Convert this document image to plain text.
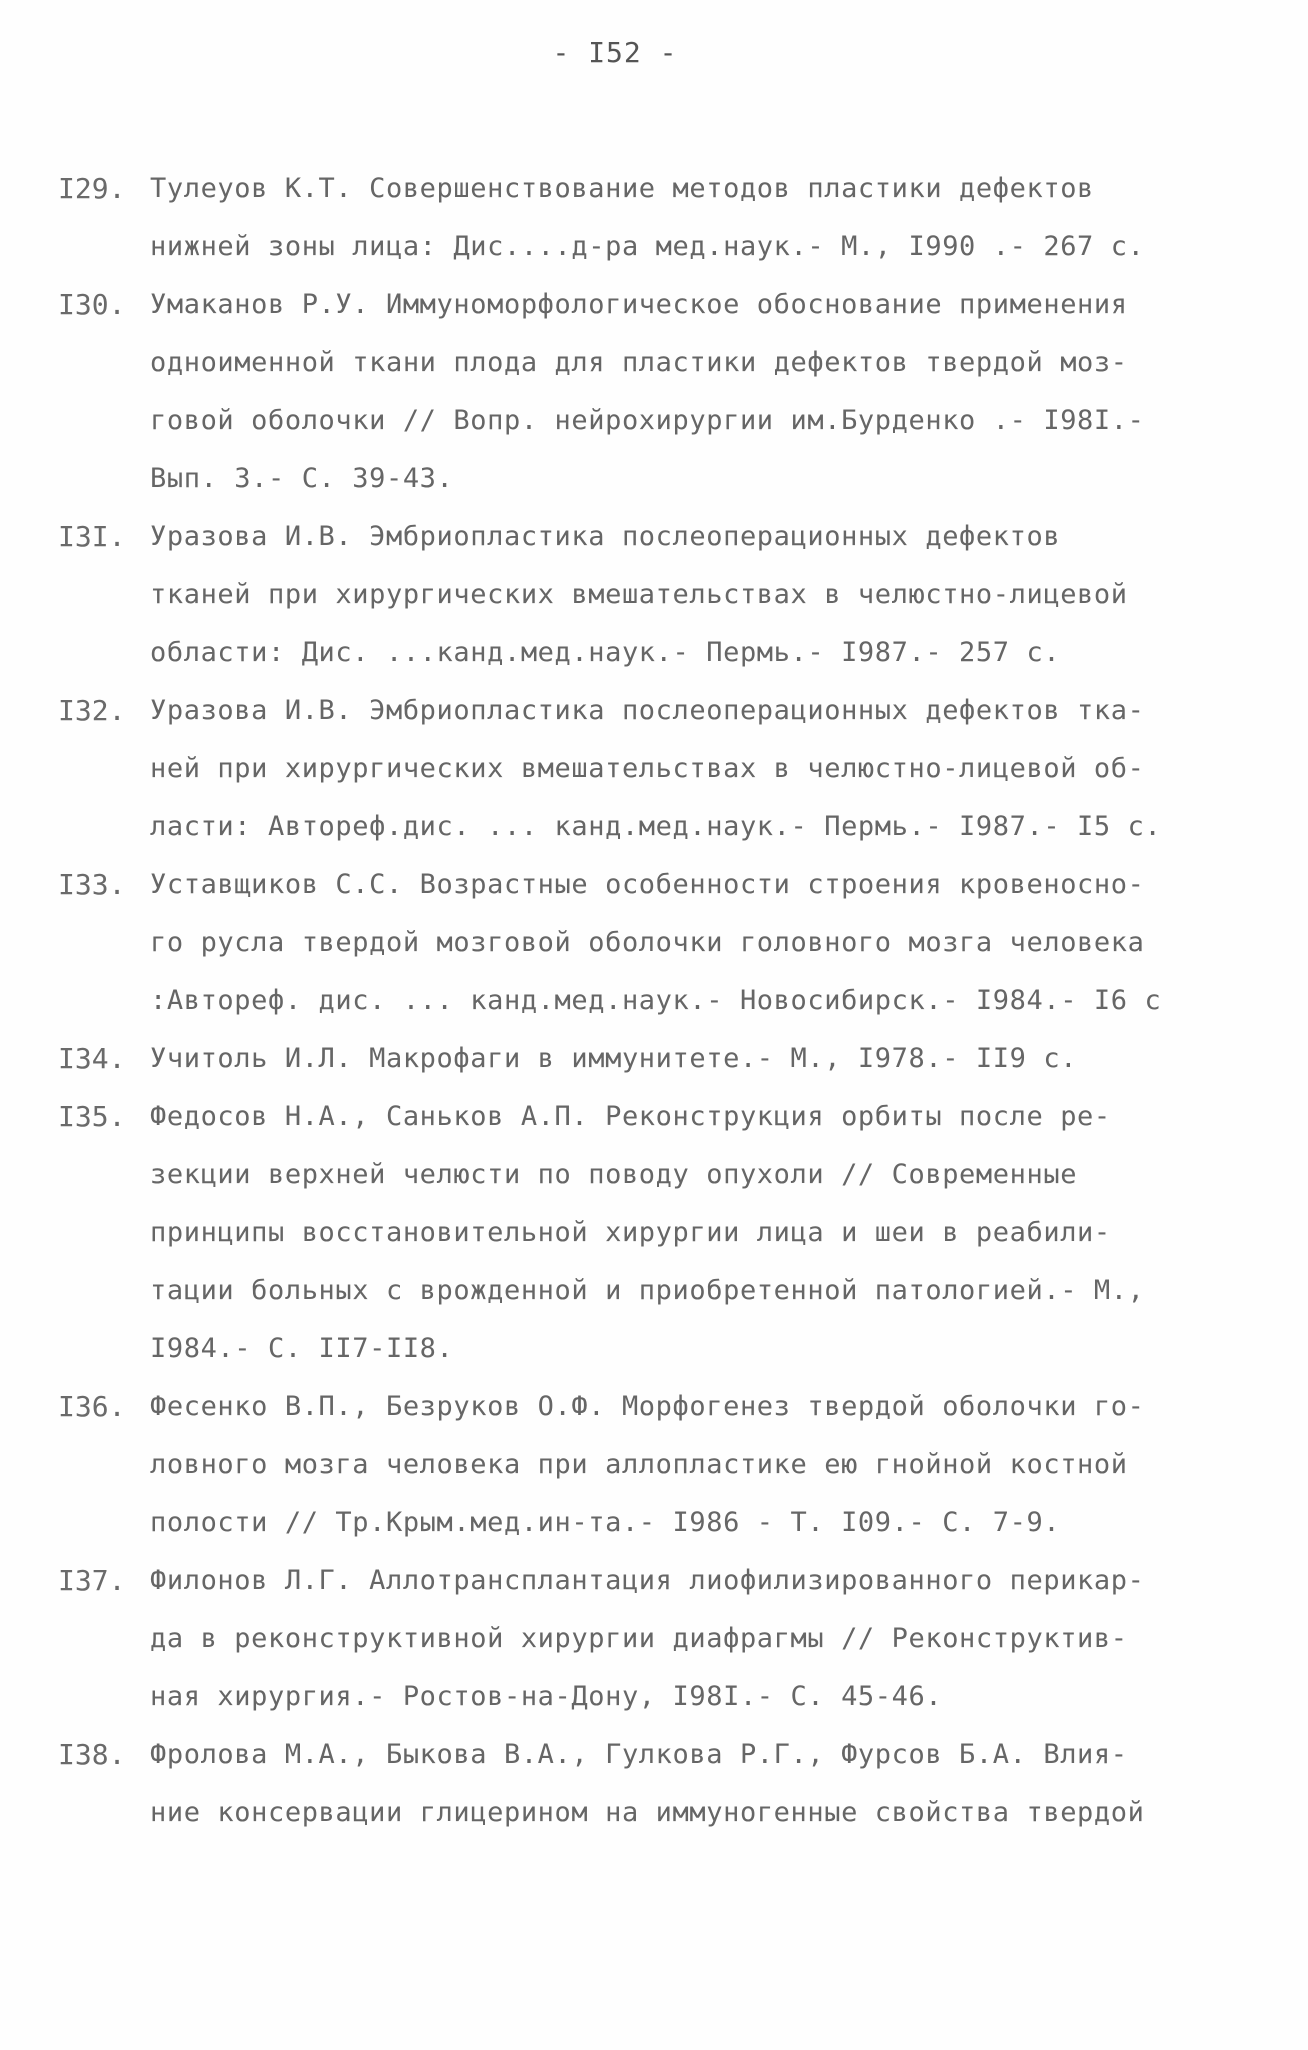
- I52 -
I29. Тулеуов К.Т. Совершенствование методов пластики дефектов
нижней зоны лица: Дис....д-ра мед.наук.- М., I990 .- 267 с.
I30. Умаканов Р.У. Иммуноморфологическое обоснование применения
одноименной ткани плода для пластики дефектов твердой моз-
говой оболочки // Вопр. нейрохирургии им.Бурденко .- I98I.-
Вып. 3.- С. 39-43.
I3I. Уразова И.В. Эмбриопластика послеоперационных дефектов
тканей при хирургических вмешательствах в челюстно-лицевой
области: Дис. ...канд.мед.наук.- Пермь.- I987.- 257 с.
I32. Уразова И.В. Эмбриопластика послеоперационных дефектов тка-
ней при хирургических вмешательствах в челюстно-лицевой об-
ласти: Автореф.дис. ... канд.мед.наук.- Пермь.- I987.- I5 с.
I33. Уставщиков С.С. Возрастные особенности строения кровеносно-
го русла твердой мозговой оболочки головного мозга человека
:Автореф. дис. ... канд.мед.наук.- Новосибирск.- I984.- I6 с
I34. Учитоль И.Л. Макрофаги в иммунитете.- М., I978.- II9 с.
I35. Федосов Н.А., Саньков А.П. Реконструкция орбиты после ре-
зекции верхней челюсти по поводу опухоли // Современные
принципы восстановительной хирургии лица и шеи в реабили-
тации больных с врожденной и приобретенной патологией.- М.,
I984.- С. II7-II8.
I36. Фесенко В.П., Безруков О.Ф. Морфогенез твердой оболочки го-
ловного мозга человека при аллопластике ею гнойной костной
полости // Тр.Крым.мед.ин-та.- I986 - Т. I09.- С. 7-9.
I37. Филонов Л.Г. Аллотрансплантация лиофилизированного перикар-
да в реконструктивной хирургии диафрагмы // Реконструктив-
ная хирургия.- Ростов-на-Дону, I98I.- С. 45-46.
I38. Фролова М.А., Быкова В.А., Гулкова Р.Г., Фурсов Б.А. Влия-
ние консервации глицерином на иммуногенные свойства твердой
